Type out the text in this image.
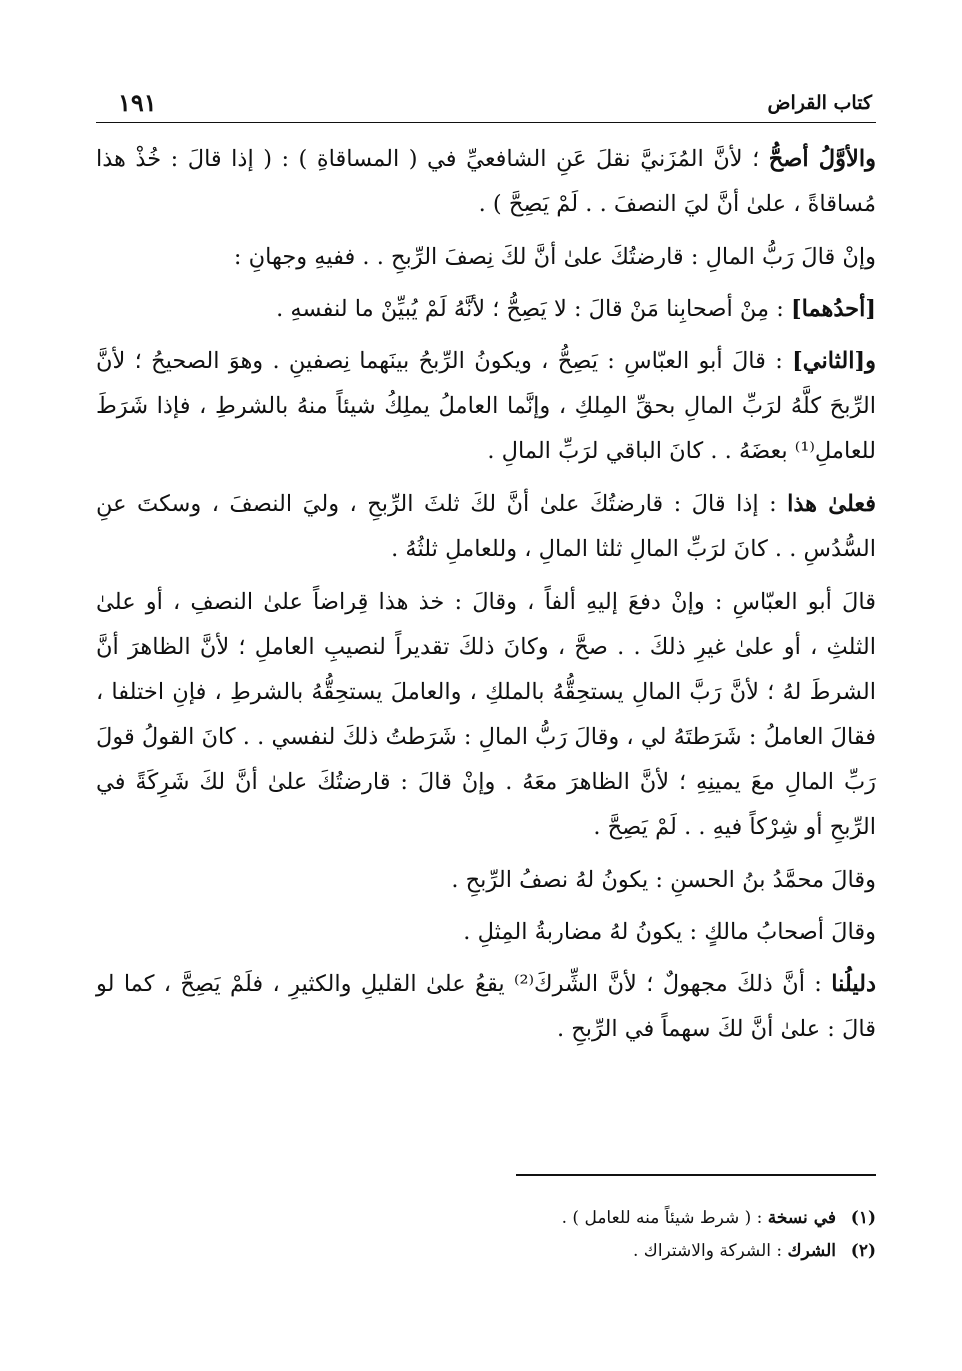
كتاب القراض
١٩١

والأوَّلُ أصحُّ ؛ لأنَّ المُزَنيَّ نقلَ عَنِ الشافعيِّ في ( المساقاةِ ) : ( إذا قالَ : خُذْ هذا مُساقاةً ، علىٰ أنَّ ليَ النصفَ . . لَمْ يَصِحَّ ) .

وإنْ قالَ رَبُّ المالِ : قارضتُكَ علىٰ أنَّ لكَ نِصفَ الرِّبحِ . . ففيهِ وجهانِ :

[أحدُهما] : مِنْ أصحابِنا مَنْ قالَ : لا يَصِحُّ ؛ لأنَّهُ لَمْ يُبيِّنْ ما لنفسهِ .

و[الثاني] : قالَ أبو العبّاسِ : يَصِحُّ ، ويكونُ الرِّبحُ بينَهما نِصفينِ . وهوَ الصحيحُ ؛ لأنَّ الرِّبحَ كلَّهُ لرَبِّ المالِ بحقِّ المِلكِ ، وإنَّما العاملُ يملِكُ شيئاً منهُ بالشرطِ ، فإذا شَرَطَ للعاملِ⁽¹⁾ بعضَهُ . . كانَ الباقي لرَبِّ المالِ .

فعلىٰ هذا : إذا قالَ : قارضتُكَ علىٰ أنَّ لكَ ثلثَ الرِّبحِ ، وليَ النصفَ ، وسكتَ عنِ السُّدُسِ . . كانَ لرَبِّ المالِ ثلثا المالِ ، وللعاملِ ثلثُهُ .

قالَ أبو العبّاسِ : وإنْ دفعَ إليهِ ألفاً ، وقالَ : خذ هذا قِراضاً علىٰ النصفِ ، أو علىٰ الثلثِ ، أو علىٰ غيرِ ذلكَ . . صحَّ ، وكانَ ذلكَ تقديراً لنصيبِ العاملِ ؛ لأنَّ الظاهرَ أنَّ الشرطَ لهُ ؛ لأنَّ رَبَّ المالِ يستحِقُّهُ بالملكِ ، والعاملَ يستحِقُّهُ بالشرطِ ، فإنِ اختلفا ، فقالَ العاملُ : شَرَطتَهُ لي ، وقالَ رَبُّ المالِ : شَرَطتُ ذلكَ لنفسي . . كانَ القولُ قولَ رَبِّ المالِ معَ يمينِهِ ؛ لأنَّ الظاهرَ معَهُ . وإنْ قالَ : قارضتُكَ علىٰ أنَّ لكَ شَرِكَةً في الرِّبحِ أو شِرْكاً فيهِ . . لَمْ يَصِحَّ .

وقالَ محمَّدُ بنُ الحسنِ : يكونُ لهُ نصفُ الرِّبحِ .

وقالَ أصحابُ مالكٍ : يكونُ لهُ مضاربةُ المِثلِ .

دليلُنا : أنَّ ذلكَ مجهولٌ ؛ لأنَّ الشِّركَ⁽²⁾ يقعُ علىٰ القليلِ والكثيرِ ، فلَمْ يَصِحَّ ، كما لو قالَ : علىٰ أنَّ لكَ سهماً في الرِّبحِ .

(١)في نسخة : ( شرط شيئاً منه للعامل ) .
(٢)الشرك : الشركة والاشتراك .
